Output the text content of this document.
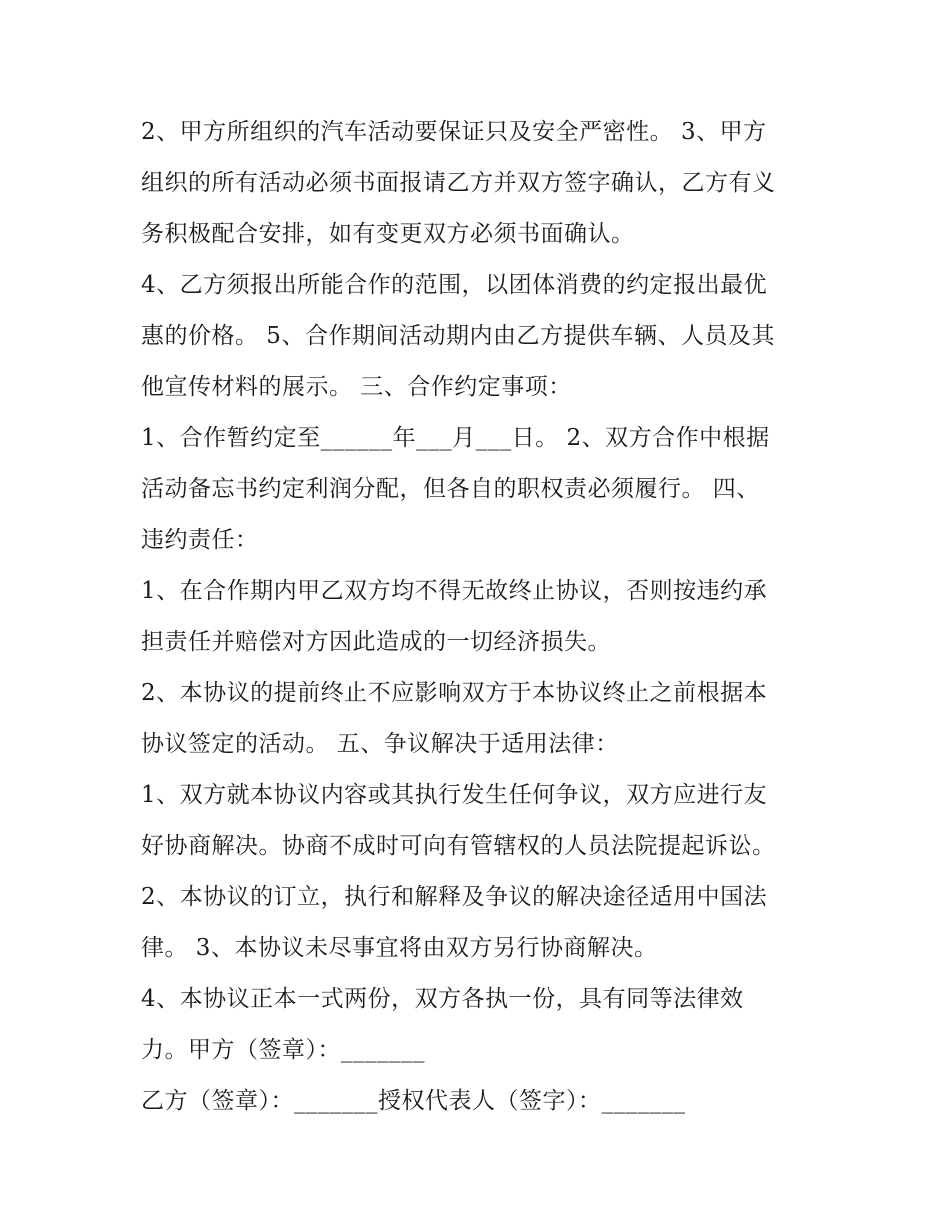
2、甲方所组织的汽车活动要保证只及安全严密性。 3、甲方
组织的所有活动必须书面报请乙方并双方签字确认，乙方有义
务积极配合安排，如有变更双方必须书面确认。
4、乙方须报出所能合作的范围，以团体消费的约定报出最优
惠的价格。 5、合作期间活动期内由乙方提供车辆、人员及其
他宣传材料的展示。 三、合作约定事项：
1、合作暂约定至______年___月___日。 2、双方合作中根据
活动备忘书约定利润分配，但各自的职权责必须履行。 四、
违约责任：
1、在合作期内甲乙双方均不得无故终止协议，否则按违约承
担责任并赔偿对方因此造成的一切经济损失。
2、本协议的提前终止不应影响双方于本协议终止之前根据本
协议签定的活动。 五、争议解决于适用法律：
1、双方就本协议内容或其执行发生任何争议，双方应进行友
好协商解决。协商不成时可向有管辖权的人员法院提起诉讼。
2、本协议的订立，执行和解释及争议的解决途径适用中国法
律。 3、本协议未尽事宜将由双方另行协商解决。
4、本协议正本一式两份，双方各执一份，具有同等法律效
力。甲方（签章）：_______
乙方（签章）：_______授权代表人（签字）：_______
